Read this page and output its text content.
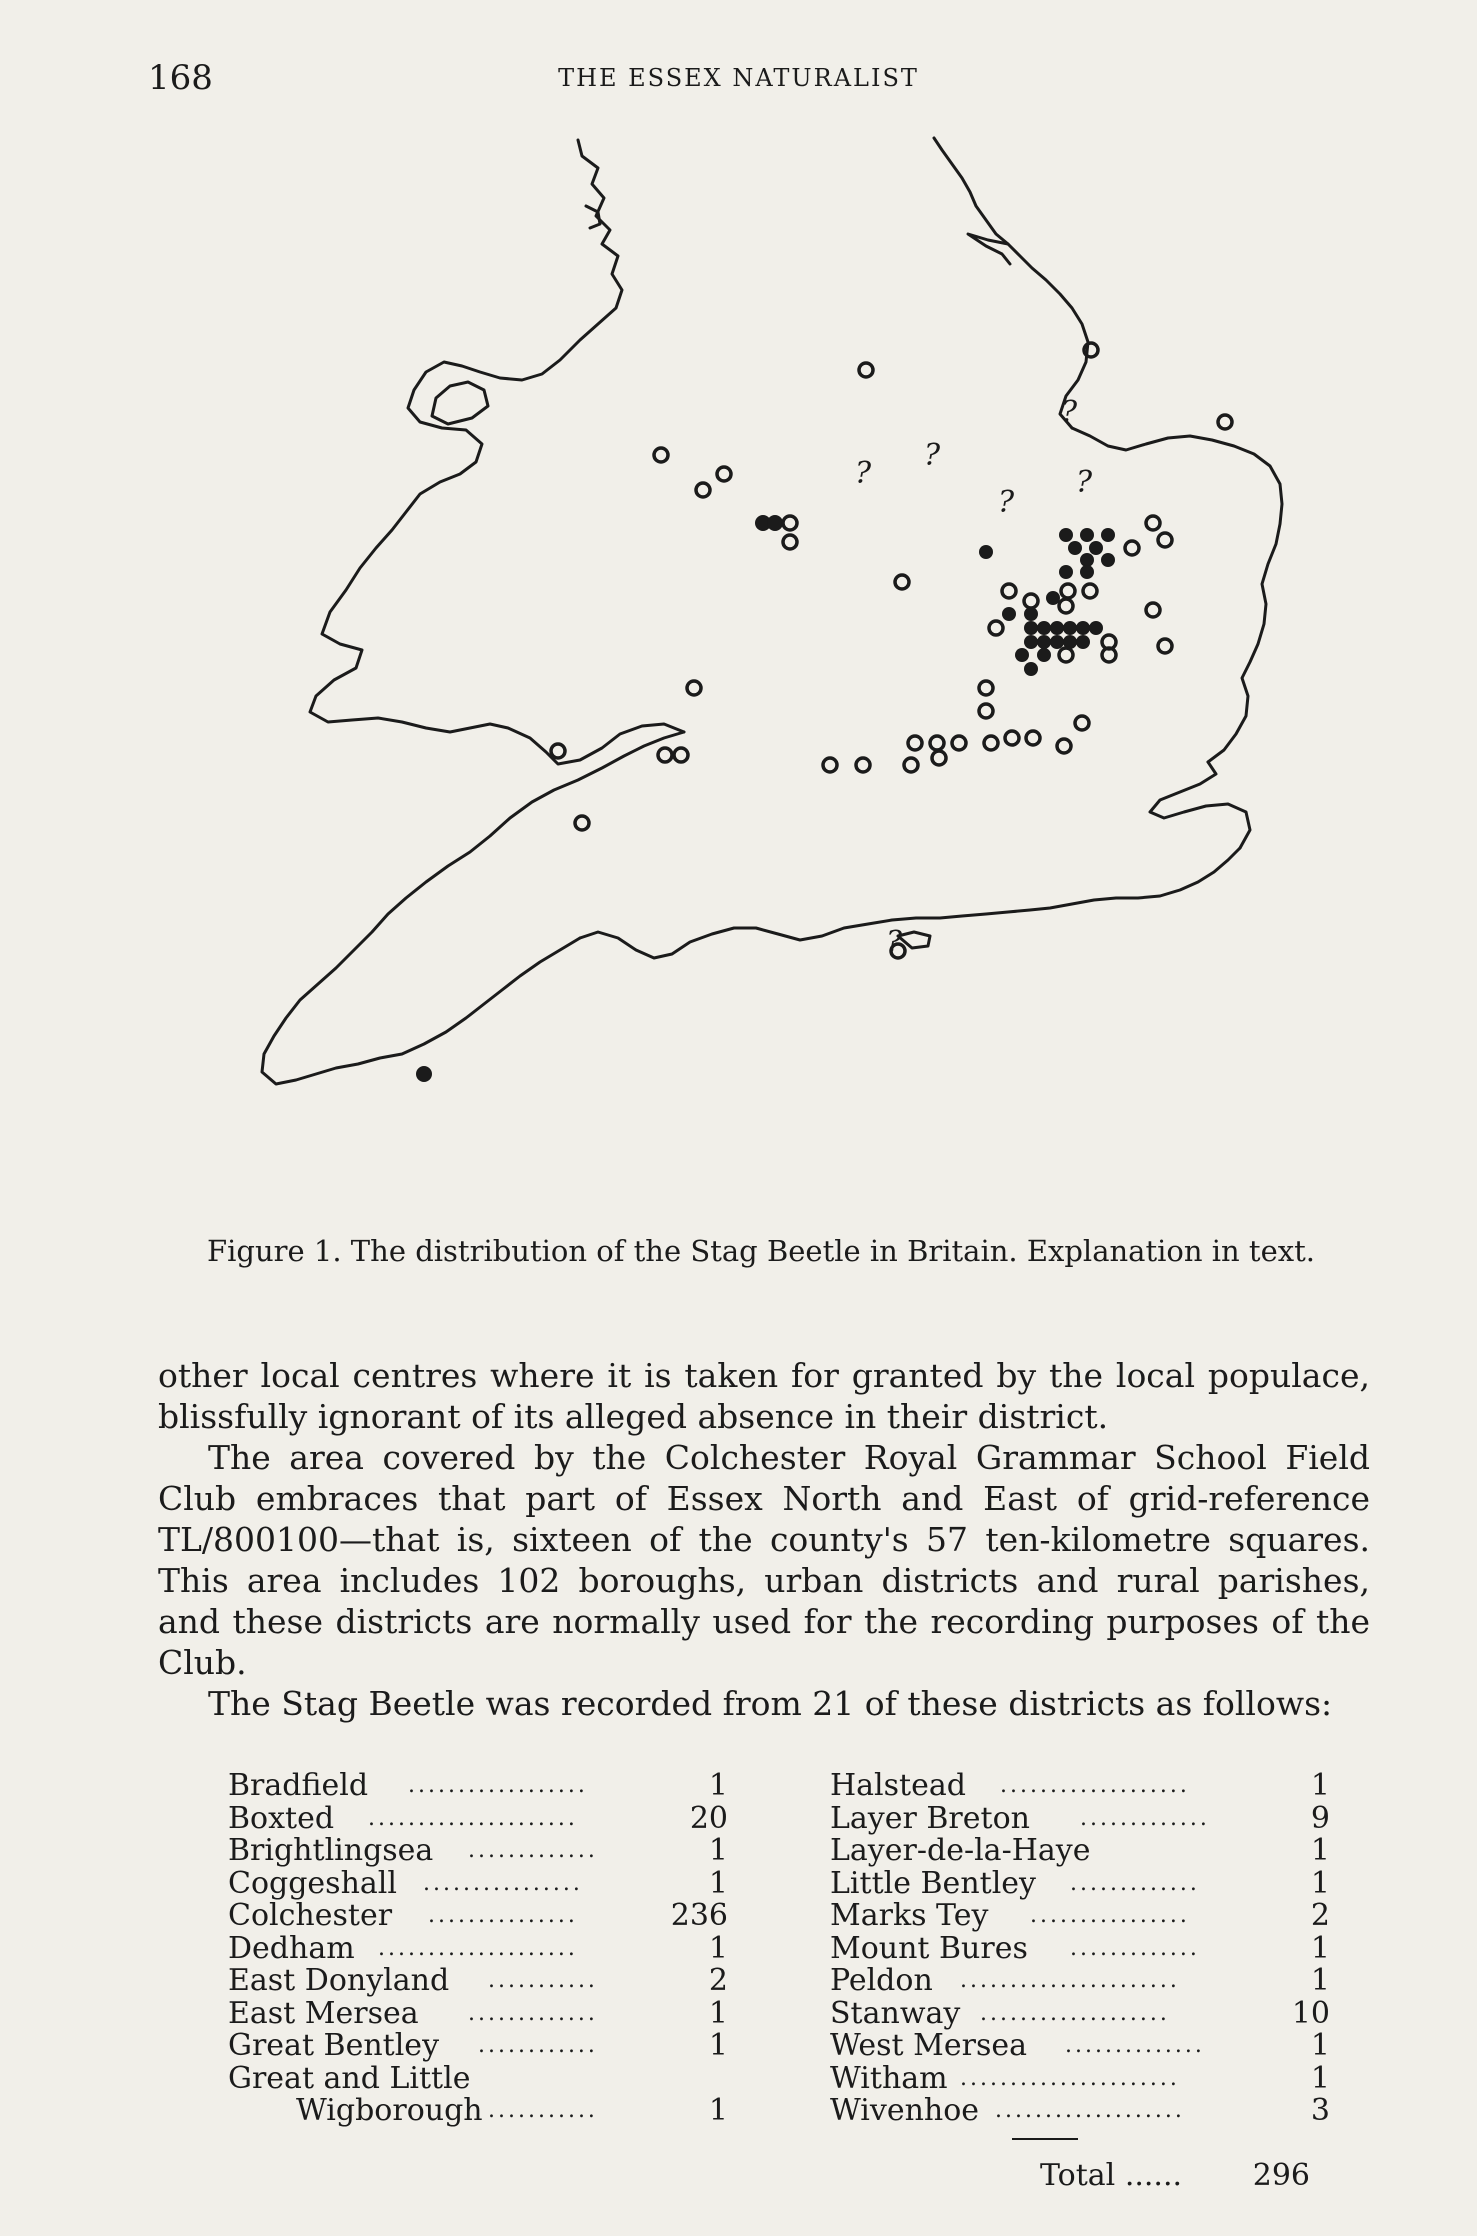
168	THE ESSEX NATURALIST
?
?
?
?
?
?
Figure 1. The distribution of the Stag Beetle in Britain. Explanation in text.

other local centres where it is taken for granted by the local populace, blissfully ignorant of its alleged absence in their district.

The area covered by the Colchester Royal Grammar School Field Club embraces that part of Essex North and East of grid-reference TL/800100—that is, sixteen of the county's 57 ten-kilometre squares. This area includes 102 boroughs, urban districts and rural parishes, and these districts are normally used for the recording purposes of the Club.

The Stag Beetle was recorded from 21 of these districts as follows:

Bradfield ..................	1
Boxted .....................	20
Brightlingsea .............	1
Coggeshall ................	1
Colchester ...............	236
Dedham ....................	1
East Donyland ...........	2
East Mersea .............	1
Great Bentley ............	1
Great and Little
Wigborough ...........	1
Halstead ...................	1
Layer Breton .............	9
Layer-de-la-Haye	1
Little Bentley .............	1
Marks Tey ................	2
Mount Bures .............	1
Peldon ......................	1
Stanway ...................	10
West Mersea ..............	1
Witham ......................	1
Wivenhoe ...................	3
Total ...... 296
